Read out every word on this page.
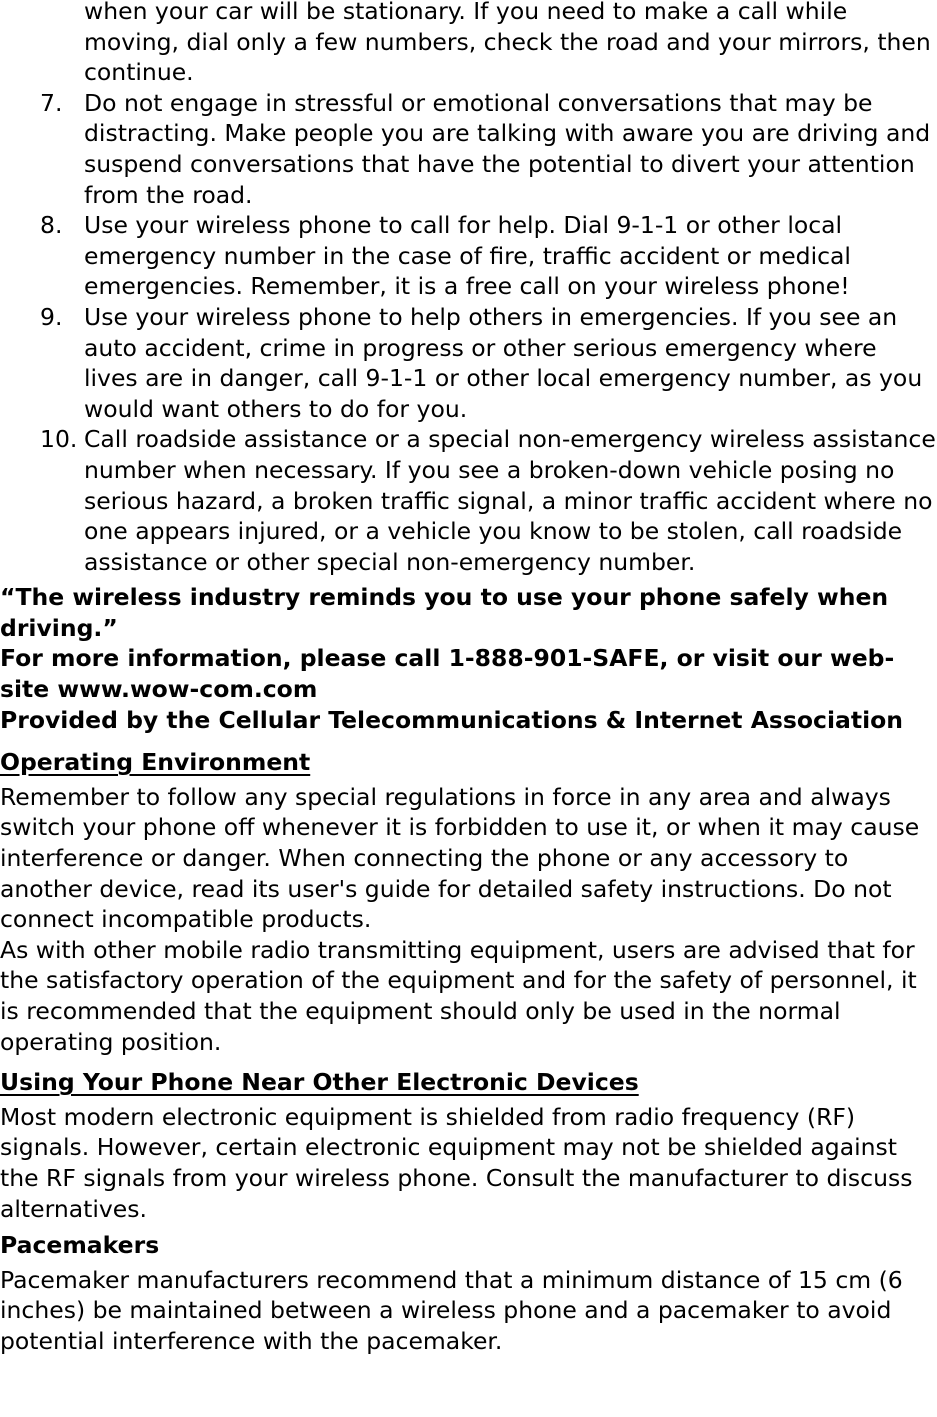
when your car will be stationary. If you need to make a call while moving, dial only a few numbers, check the road and your mirrors, then continue.

7. Do not engage in stressful or emotional conversations that may be distracting. Make people you are talking with aware you are driving and suspend conversations that have the potential to divert your attention from the road.
8. Use your wireless phone to call for help. Dial 9-1-1 or other local emergency number in the case of fire, traffic accident or medical emergencies. Remember, it is a free call on your wireless phone!
9. Use your wireless phone to help others in emergencies. If you see an auto accident, crime in progress or other serious emergency where lives are in danger, call 9-1-1 or other local emergency number, as you would want others to do for you.
10. Call roadside assistance or a special non-emergency wireless assistance number when necessary. If you see a broken-down vehicle posing no serious hazard, a broken traffic signal, a minor traffic accident where no one appears injured, or a vehicle you know to be stolen, call roadside assistance or other special non-emergency number.

“The wireless industry reminds you to use your phone safely when driving.”

For more information, please call 1-888-901-SAFE, or visit our web-site www.wow-com.com

Provided by the Cellular Telecommunications & Internet Association

Operating Environment

Remember to follow any special regulations in force in any area and always switch your phone off whenever it is forbidden to use it, or when it may cause interference or danger. When connecting the phone or any accessory to another device, read its user's guide for detailed safety instructions. Do not connect incompatible products.

As with other mobile radio transmitting equipment, users are advised that for the satisfactory operation of the equipment and for the safety of personnel, it is recommended that the equipment should only be used in the normal operating position.

Using Your Phone Near Other Electronic Devices

Most modern electronic equipment is shielded from radio frequency (RF) signals. However, certain electronic equipment may not be shielded against the RF signals from your wireless phone. Consult the manufacturer to discuss alternatives.

Pacemakers

Pacemaker manufacturers recommend that a minimum distance of 15 cm (6 inches) be maintained between a wireless phone and a pacemaker to avoid potential interference with the pacemaker.
